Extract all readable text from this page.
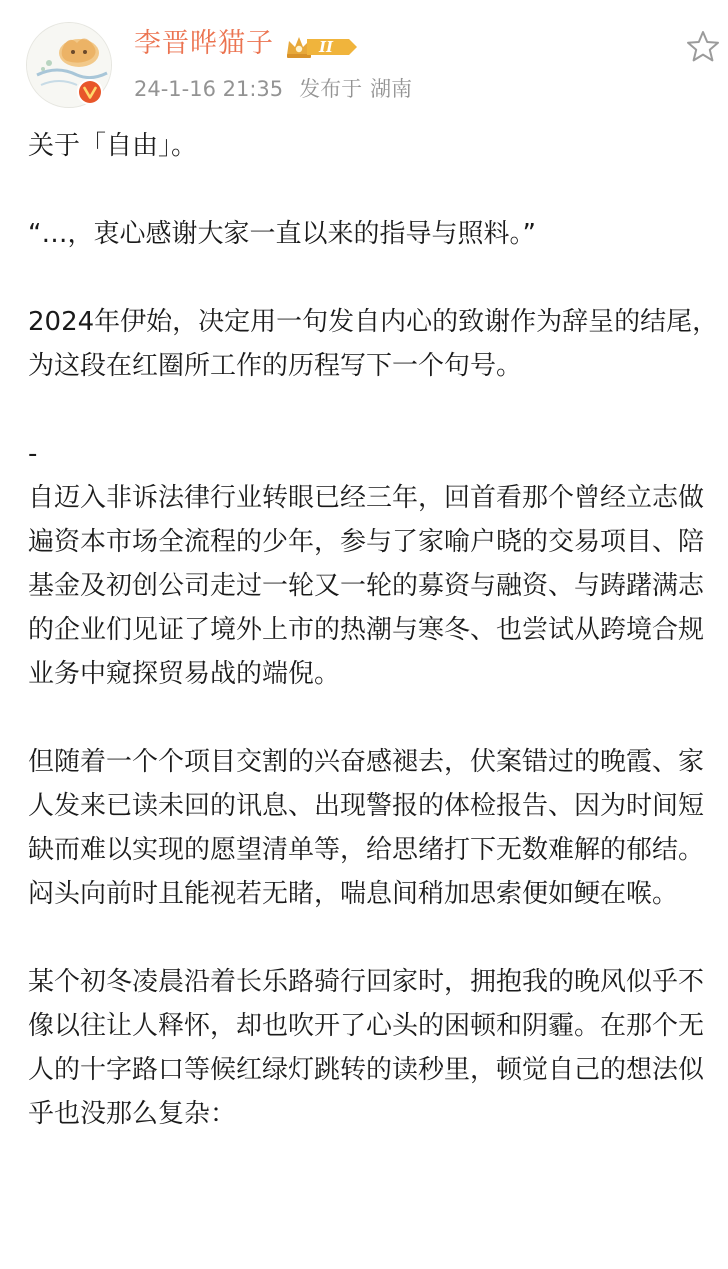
李晋晔猫子	II
24-1-16 21:35 发布于 湖南

关于「自由」。

“…，衷心感谢大家一直以来的指导与照料。”

2024年伊始，决定用一句发自内心的致谢作为辞呈的结尾，为这段在红圈所工作的历程写下一个句号。

-

自迈入非诉法律行业转眼已经三年，回首看那个曾经立志做遍资本市场全流程的少年，参与了家喻户晓的交易项目、陪基金及初创公司走过一轮又一轮的募资与融资、与踌躇满志的企业们见证了境外上市的热潮与寒冬、也尝试从跨境合规业务中窥探贸易战的端倪。

但随着一个个项目交割的兴奋感褪去，伏案错过的晚霞、家人发来已读未回的讯息、出现警报的体检报告、因为时间短缺而难以实现的愿望清单等，给思绪打下无数难解的郁结。闷头向前时且能视若无睹，喘息间稍加思索便如鲠在喉。

某个初冬凌晨沿着长乐路骑行回家时，拥抱我的晚风似乎不像以往让人释怀，却也吹开了心头的困顿和阴霾。在那个无人的十字路口等候红绿灯跳转的读秒里，顿觉自己的想法似乎也没那么复杂：
